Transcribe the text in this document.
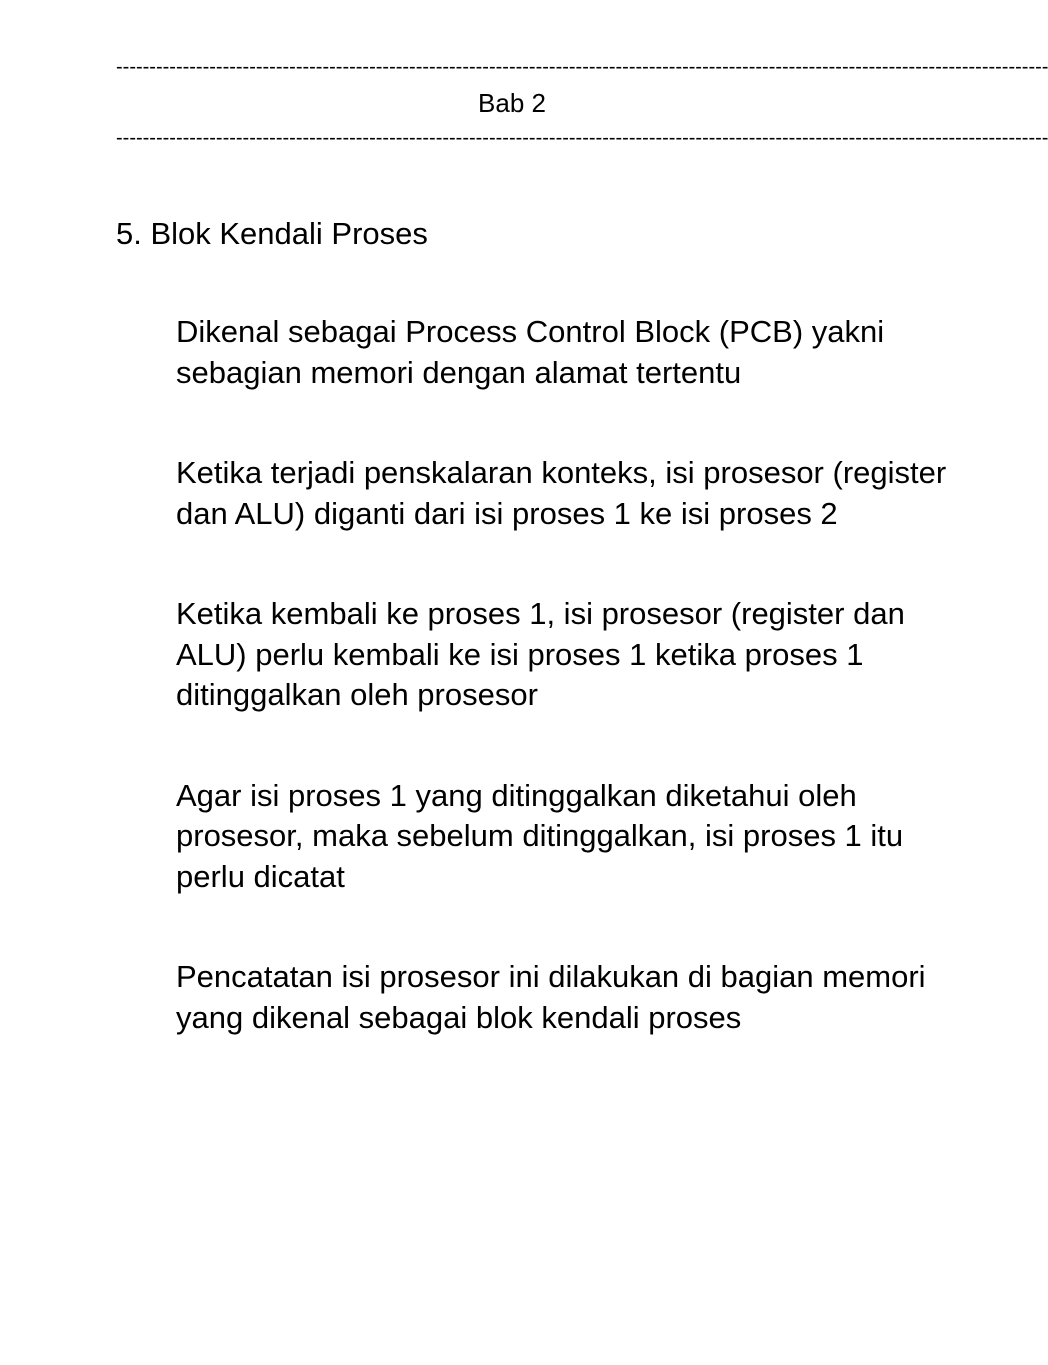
--------------------------------------------------------------------------------------------------------------------------------------------
Bab 2
--------------------------------------------------------------------------------------------------------------------------------------------
5. Blok Kendali Proses

Dikenal sebagai Process Control Block (PCB) yakni sebagian memori dengan alamat tertentu

Ketika terjadi penskalaran konteks, isi prosesor (register dan ALU) diganti dari isi proses 1 ke isi proses 2

Ketika kembali ke proses 1, isi prosesor (register dan ALU) perlu kembali ke isi proses 1 ketika proses 1 ditinggalkan oleh prosesor

Agar isi proses 1 yang ditinggalkan diketahui oleh prosesor, maka sebelum ditinggalkan, isi proses 1 itu perlu dicatat

Pencatatan isi prosesor ini dilakukan di bagian memori yang dikenal sebagai blok kendali proses
